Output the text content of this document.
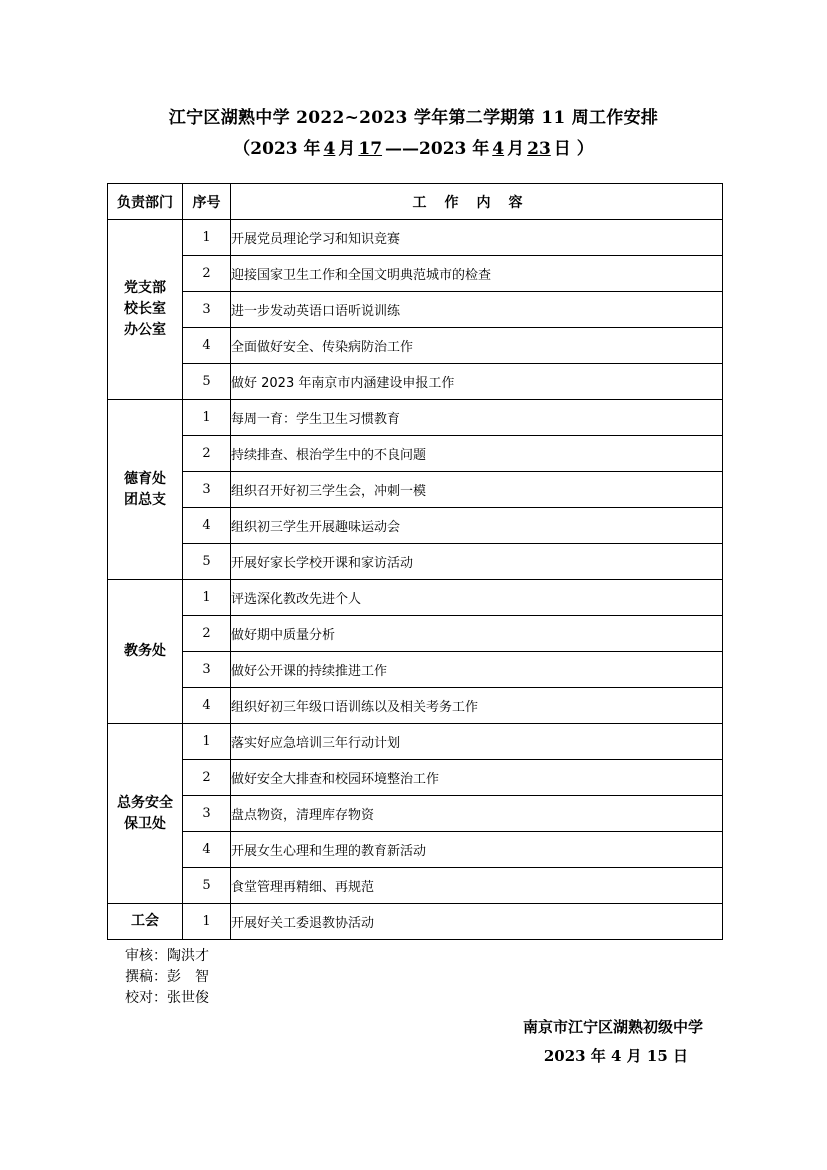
江宁区湖熟中学 2022~2023 学年第二学期第 11 周工作安排
（2023 年 4 月 17 ——2023 年 4 月 23 日 ）
负责部门	序号	工作内容
党支部
校长室
办公室	1	开展党员理论学习和知识竞赛
	2	迎接国家卫生工作和全国文明典范城市的检查
	3	进一步发动英语口语听说训练
	4	全面做好安全、传染病防治工作
	5	做好 2023 年南京市内涵建设申报工作
德育处
团总支	1	每周一育：学生卫生习惯教育
	2	持续排查、根治学生中的不良问题
	3	组织召开好初三学生会，冲刺一模
	4	组织初三学生开展趣味运动会
	5	开展好家长学校开课和家访活动
教务处	1	评选深化教改先进个人
	2	做好期中质量分析
	3	做好公开课的持续推进工作
	4	组织好初三年级口语训练以及相关考务工作
总务安全
保卫处	1	落实好应急培训三年行动计划
	2	做好安全大排查和校园环境整治工作
	3	盘点物资，清理库存物资
	4	开展女生心理和生理的教育新活动
	5	食堂管理再精细、再规范
工会	1	开展好关工委退教协活动
审核：陶洪才
撰稿：彭　智
校对：张世俊
南京市江宁区湖熟初级中学
2023 年 4 月 15 日
